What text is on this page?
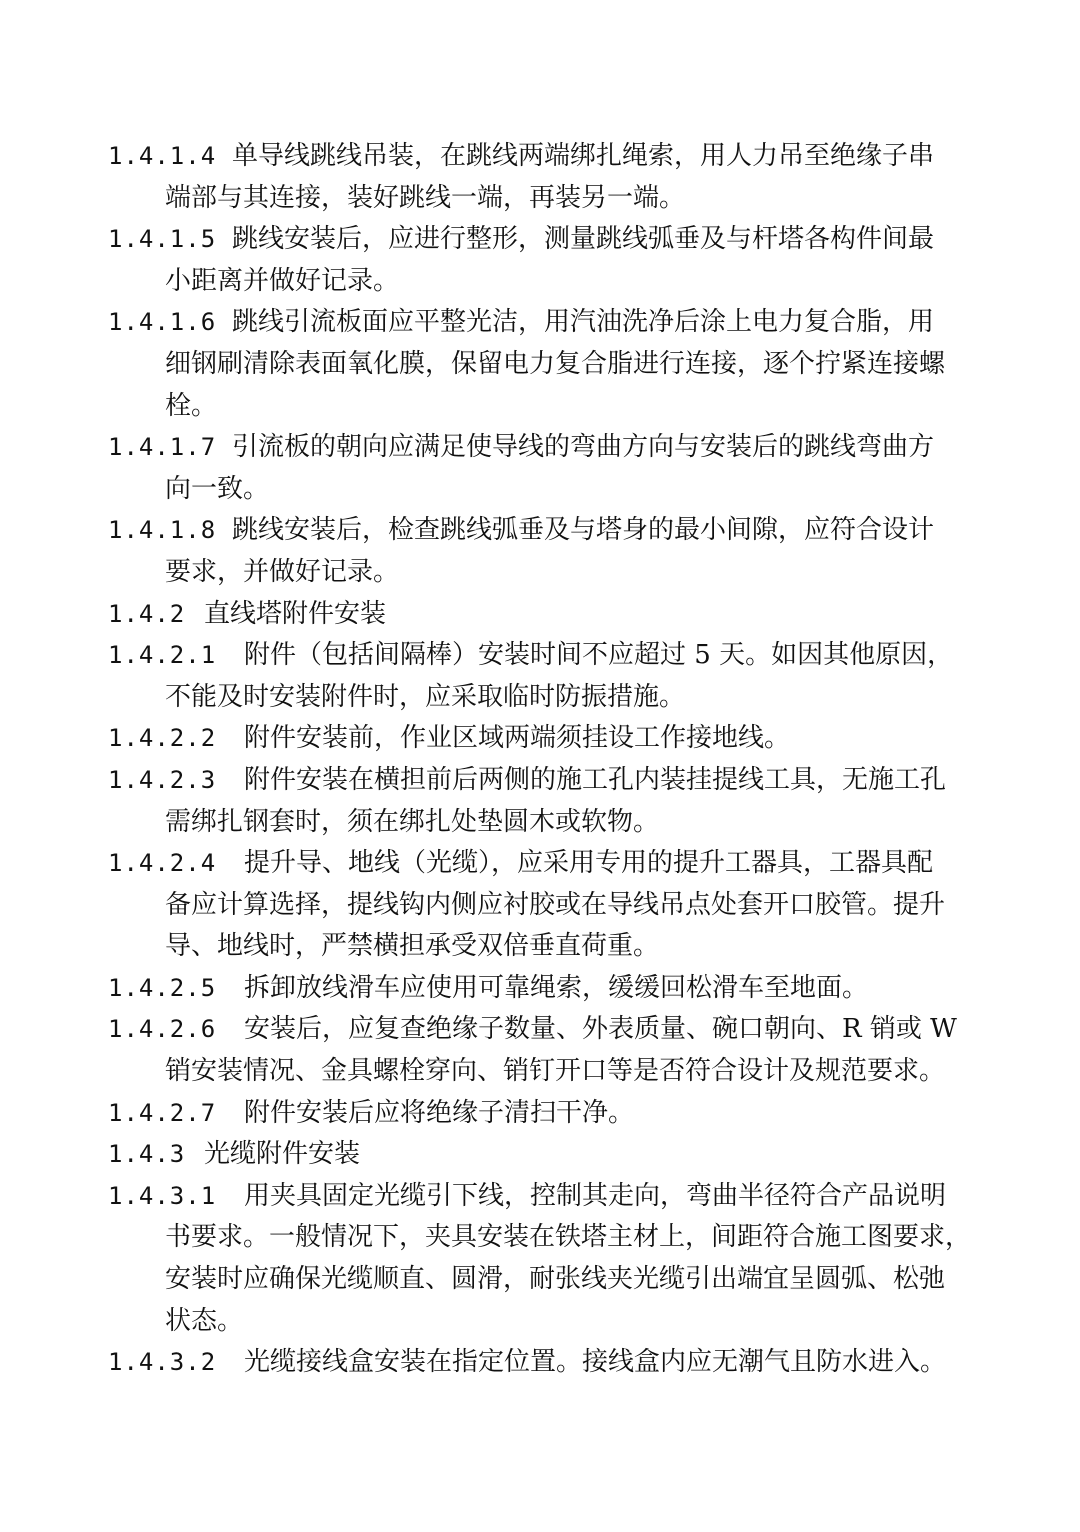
1.4.1.4 单导线跳线吊装，在跳线两端绑扎绳索，用人力吊至绝缘子串
端部与其连接，装好跳线一端，再装另一端。
1.4.1.5 跳线安装后，应进行整形，测量跳线弧垂及与杆塔各构件间最
小距离并做好记录。
1.4.1.6 跳线引流板面应平整光洁，用汽油洗净后涂上电力复合脂，用
细钢刷清除表面氧化膜，保留电力复合脂进行连接，逐个拧紧连接螺
栓。
1.4.1.7 引流板的朝向应满足使导线的弯曲方向与安装后的跳线弯曲方
向一致。
1.4.1.8 跳线安装后，检查跳线弧垂及与塔身的最小间隙，应符合设计
要求，并做好记录。
1.4.2 直线塔附件安装
1.4.2.1 附件（包括间隔棒）安装时间不应超过 5 天。如因其他原因，
不能及时安装附件时，应采取临时防振措施。
1.4.2.2 附件安装前，作业区域两端须挂设工作接地线。
1.4.2.3 附件安装在横担前后两侧的施工孔内装挂提线工具，无施工孔
需绑扎钢套时，须在绑扎处垫圆木或软物。
1.4.2.4 提升导、地线（光缆），应采用专用的提升工器具，工器具配
备应计算选择，提线钩内侧应衬胶或在导线吊点处套开口胶管。提升
导、地线时，严禁横担承受双倍垂直荷重。
1.4.2.5 拆卸放线滑车应使用可靠绳索，缓缓回松滑车至地面。
1.4.2.6 安装后，应复查绝缘子数量、外表质量、碗口朝向、R 销或 W
销安装情况、金具螺栓穿向、销钉开口等是否符合设计及规范要求。
1.4.2.7 附件安装后应将绝缘子清扫干净。
1.4.3 光缆附件安装
1.4.3.1 用夹具固定光缆引下线，控制其走向，弯曲半径符合产品说明
书要求。一般情况下，夹具安装在铁塔主材上，间距符合施工图要求，
安装时应确保光缆顺直、圆滑，耐张线夹光缆引出端宜呈圆弧、松弛
状态。
1.4.3.2 光缆接线盒安装在指定位置。接线盒内应无潮气且防水进入。
